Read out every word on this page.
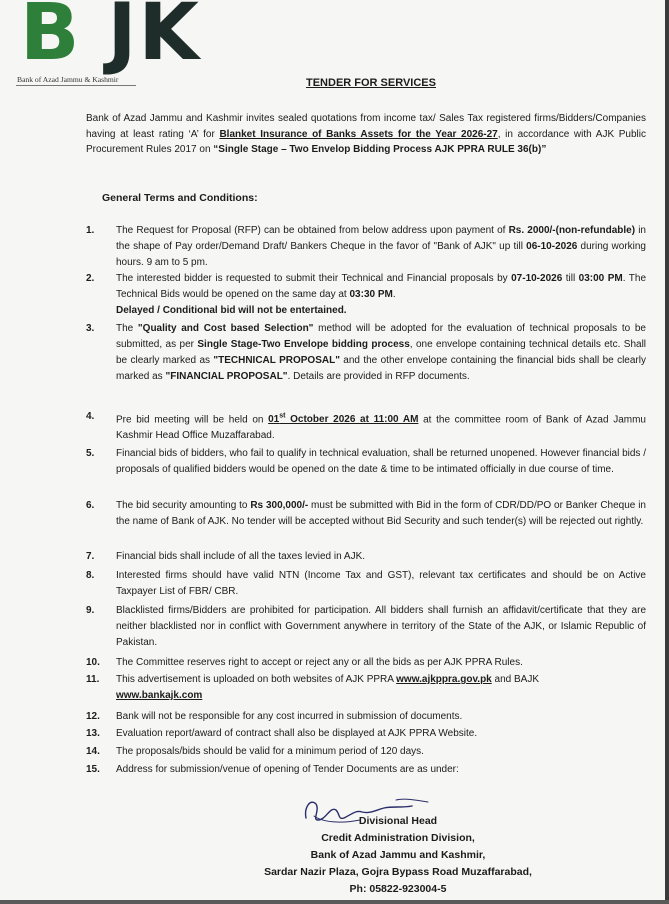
B JK
Bank of Azad Jammu & Kashmir	TENDER FOR SERVICES
Bank of Azad Jammu and Kashmir invites sealed quotations from income tax/ Sales Tax registered firms/Bidders/Companies having at least rating ‘A’ for Blanket Insurance of Banks Assets for the Year 2026-27, in accordance with AJK Public Procurement Rules 2017 on “Single Stage – Two Envelop Bidding Process AJK PPRA RULE 36(b)”
General Terms and Conditions:
1.	The Request for Proposal (RFP) can be obtained from below address upon payment of Rs. 2000/-(non-refundable) in the shape of Pay order/Demand Draft/ Bankers Cheque in the favor of "Bank of AJK" up till 06-10-2026 during working hours. 9 am to 5 pm.
2.	The interested bidder is requested to submit their Technical and Financial proposals by 07-10-2026 till 03:00 PM. The Technical Bids would be opened on the same day at 03:30 PM.
Delayed / Conditional bid will not be entertained.
3.	The "Quality and Cost based Selection" method will be adopted for the evaluation of technical proposals to be submitted, as per Single Stage-Two Envelope bidding process, one envelope containing technical details etc. Shall be clearly marked as "TECHNICAL PROPOSAL" and the other envelope containing the financial bids shall be clearly marked as "FINANCIAL PROPOSAL". Details are provided in RFP documents.
4.	Pre bid meeting will be held on 01st October 2026 at 11:00 AM at the committee room of Bank of Azad Jammu Kashmir Head Office Muzaffarabad.
5.	Financial bids of bidders, who fail to qualify in technical evaluation, shall be returned unopened. However financial bids / proposals of qualified bidders would be opened on the date & time to be intimated officially in due course of time.
6.	The bid security amounting to Rs 300,000/- must be submitted with Bid in the form of CDR/DD/PO or Banker Cheque in the name of Bank of AJK. No tender will be accepted without Bid Security and such tender(s) will be rejected out rightly.
7.	Financial bids shall include of all the taxes levied in AJK.
8.	Interested firms should have valid NTN (Income Tax and GST), relevant tax certificates and should be on Active Taxpayer List of FBR/ CBR.
9.	Blacklisted firms/Bidders are prohibited for participation. All bidders shall furnish an affidavit/certificate that they are neither blacklisted nor in conflict with Government anywhere in territory of the State of the AJK, or Islamic Republic of Pakistan.
10.	The Committee reserves right to accept or reject any or all the bids as per AJK PPRA Rules.
11.	This advertisement is uploaded on both websites of AJK PPRA www.ajkppra.gov.pk and BAJK
www.bankajk.com
12.	Bank will not be responsible for any cost incurred in submission of documents.
13.	Evaluation report/award of contract shall also be displayed at AJK PPRA Website.
14.	The proposals/bids should be valid for a minimum period of 120 days.
15.	Address for submission/venue of opening of Tender Documents are as under:
Divisional Head
Credit Administration Division,
Bank of Azad Jammu and Kashmir,
Sardar Nazir Plaza, Gojra Bypass Road Muzaffarabad,
Ph: 05822-923004-5
